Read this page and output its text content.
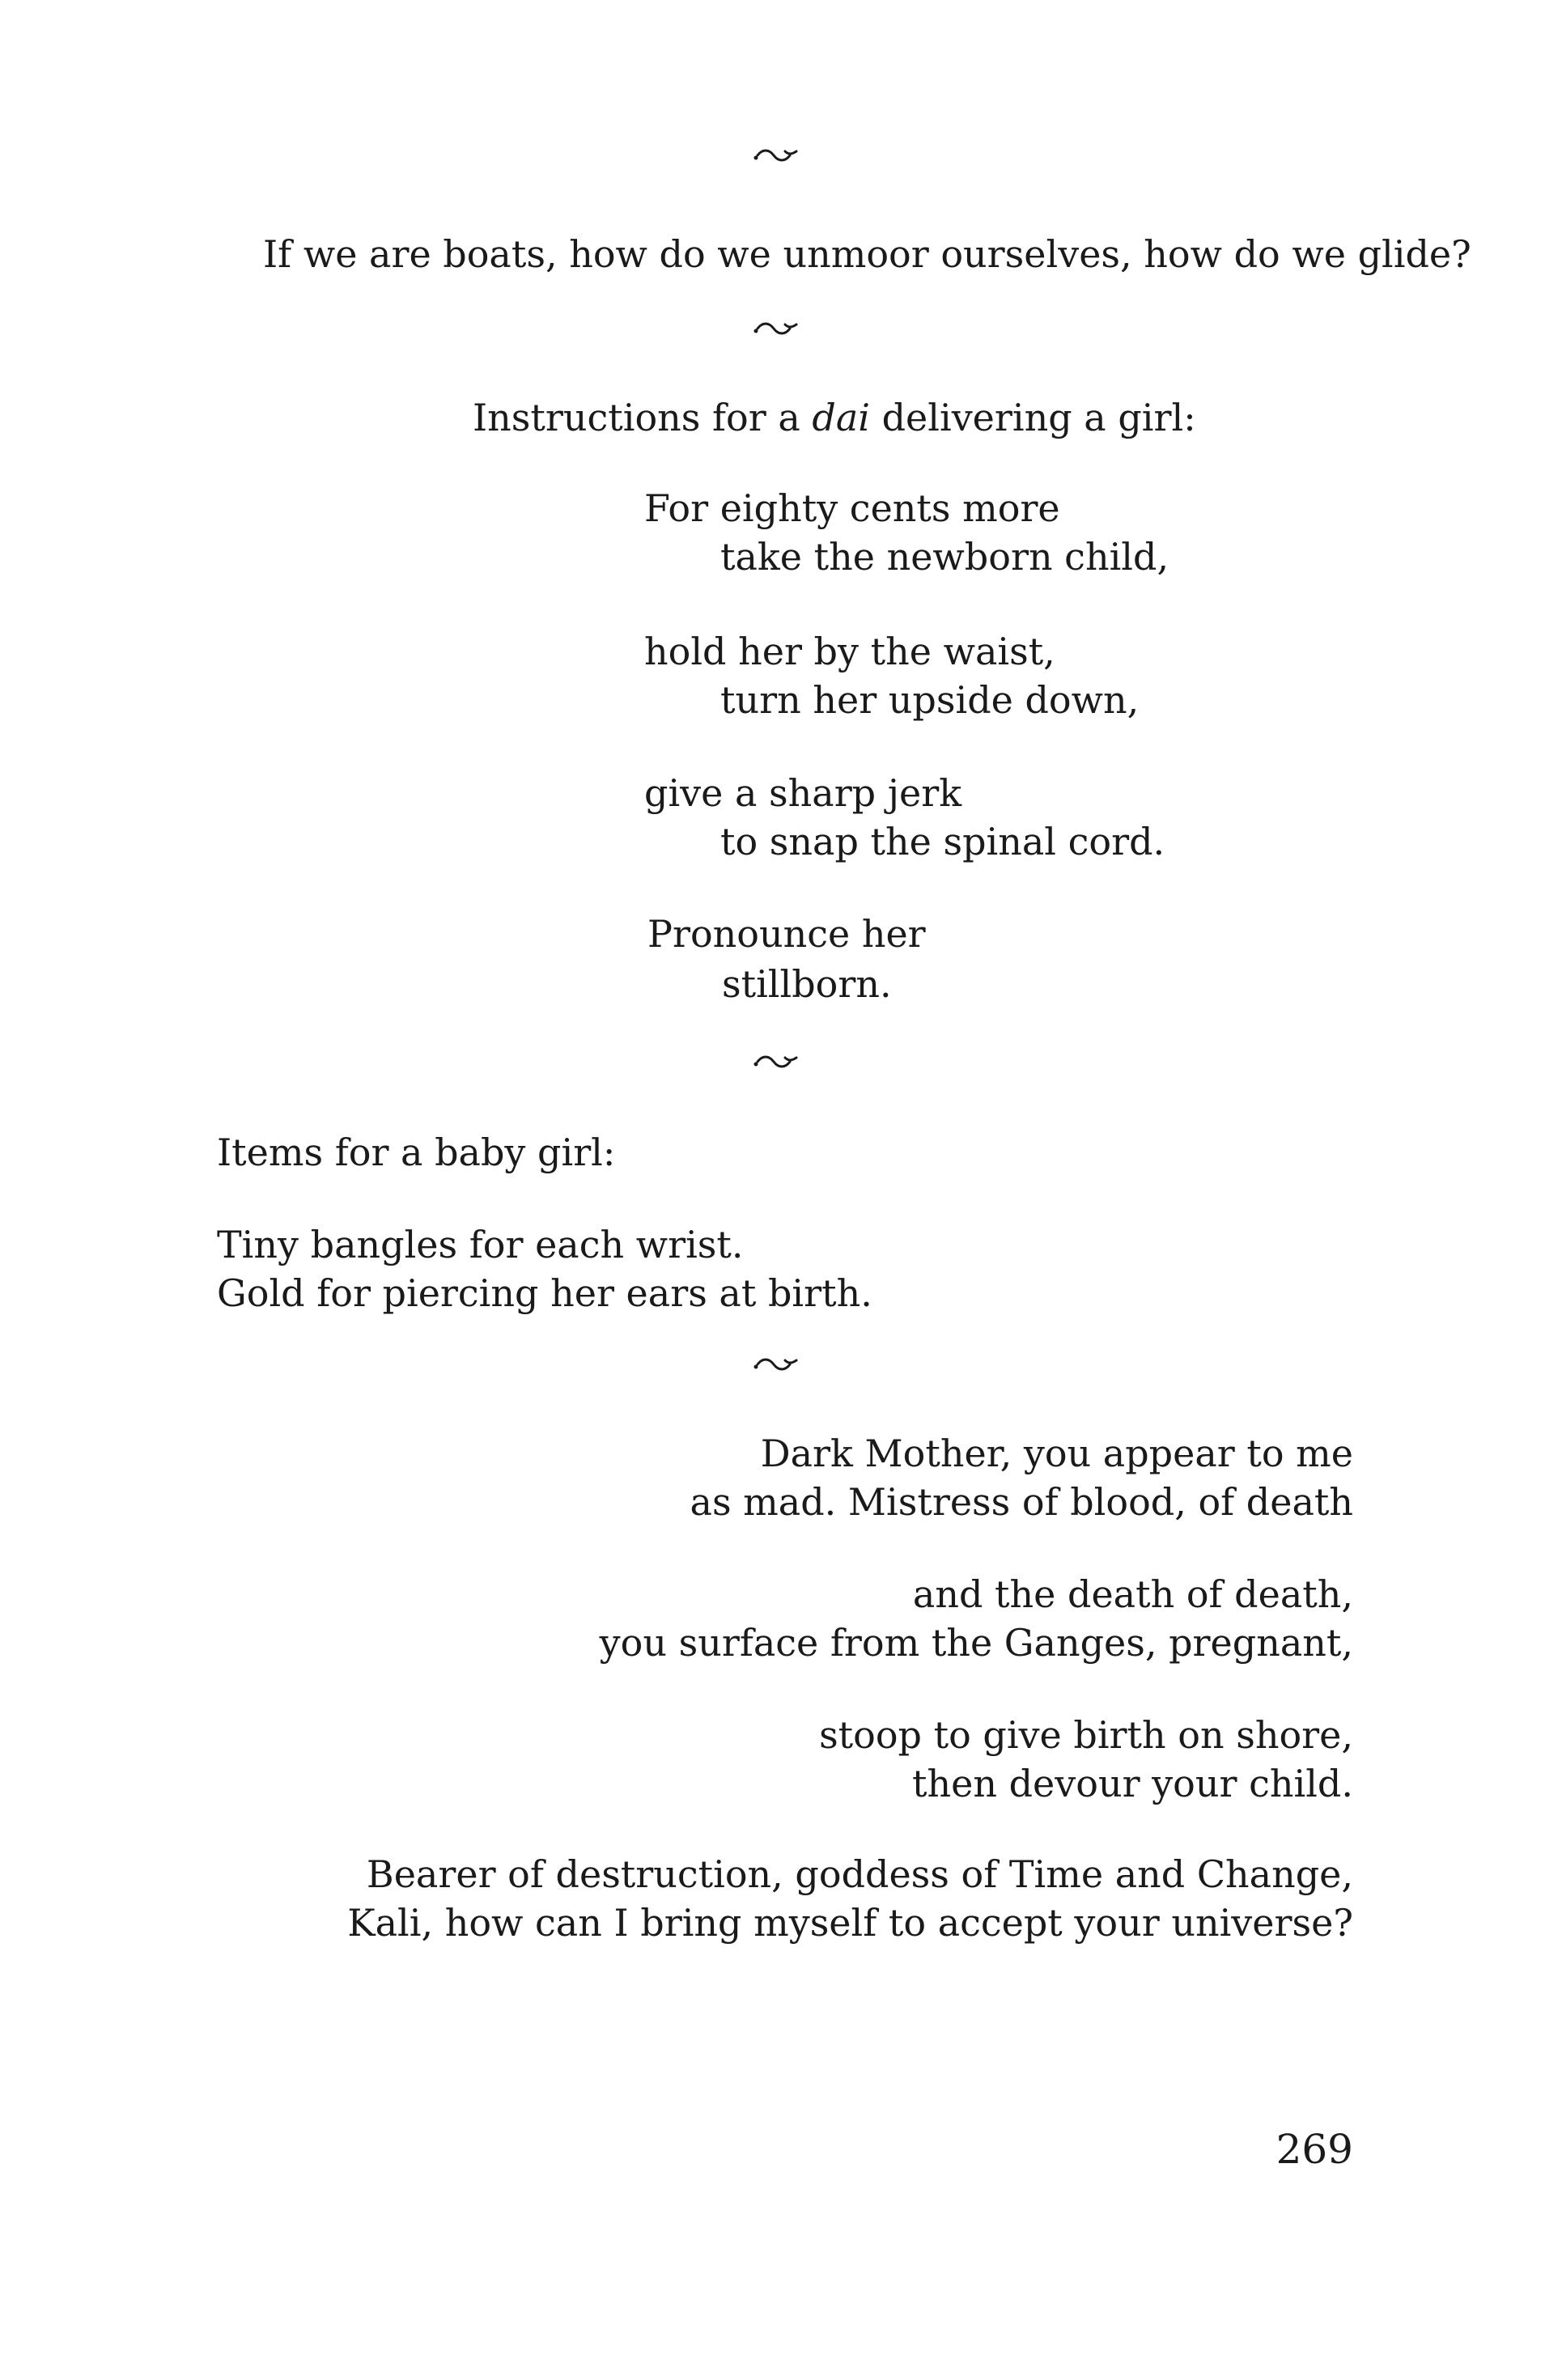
If we are boats, how do we unmoor ourselves, how do we glide?
Instructions for a dai delivering a girl:
For eighty cents more
take the newborn child,
hold her by the waist,
turn her upside down,
give a sharp jerk
to snap the spinal cord.
Pronounce her
stillborn.
Items for a baby girl:
Tiny bangles for each wrist.
Gold for piercing her ears at birth.
Dark Mother, you appear to me
as mad. Mistress of blood, of death
and the death of death,
you surface from the Ganges, pregnant,
stoop to give birth on shore,
then devour your child.
Bearer of destruction, goddess of Time and Change,
Kali, how can I bring myself to accept your universe?
269
